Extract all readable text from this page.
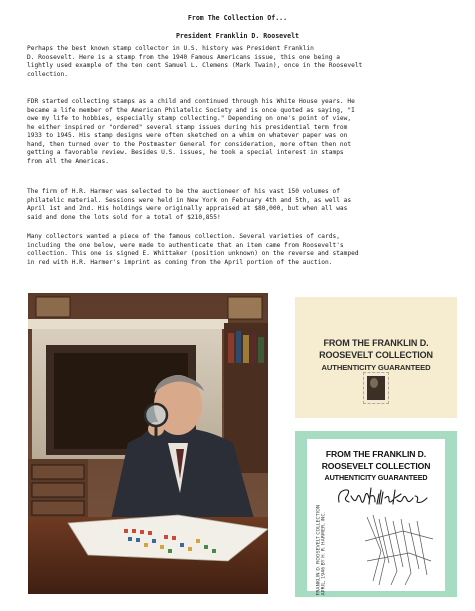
From The Collection Of...
President Franklin D. Roosevelt
Perhaps the best known stamp collector in U.S. history was President Franklin
D. Roosevelt. Here is a stamp from the 1940 Famous Americans issue, this one being a
lightly used example of the ten cent Samuel L. Clemens (Mark Twain), once in the Roosevelt
collection.
FDR started collecting stamps as a child and continued through his White House years. He
became a life member of the American Philatelic Society and is once quoted as saying, "I
owe my life to hobbies, especially stamp collecting." Depending on one's point of view,
he either inspired or "ordered" several stamp issues during his presidential term from
1933 to 1945. His stamp designs were often sketched on a whim on whatever paper was on
hand, then turned over to the Postmaster General for consideration, more often then not
getting a favorable review. Besides U.S. issues, he took a special interest in stamps
from all the Americas.
The firm of H.R. Harmer was selected to be the auctioneer of his vast 150 volumes of
philatelic material. Sessions were held in New York on February 4th and 5th, as well as
April 1st and 2nd. His holdings were originally appraised at $80,000, but when all was
said and done the lots sold for a total of $210,855!
Many collectors wanted a piece of the famous collection. Several varieties of cards,
including the one below, were made to authenticate that an item came from Roosevelt's
collection. This one is signed E. Whittaker (position unknown) on the reverse and stamped
in red with H.R. Harmer's imprint as coming from the April portion of the auction.
FROM THE FRANKLIN D.
ROOSEVELT COLLECTION
AUTHENTICITY GUARANTEED
FROM THE FRANKLIN D.
ROOSEVELT COLLECTION
AUTHENTICITY GUARANTEED
FRANKLIN D. ROOSEVELT COLLECTION APRIL, 1946 BY H. R. HARMER, INC.
